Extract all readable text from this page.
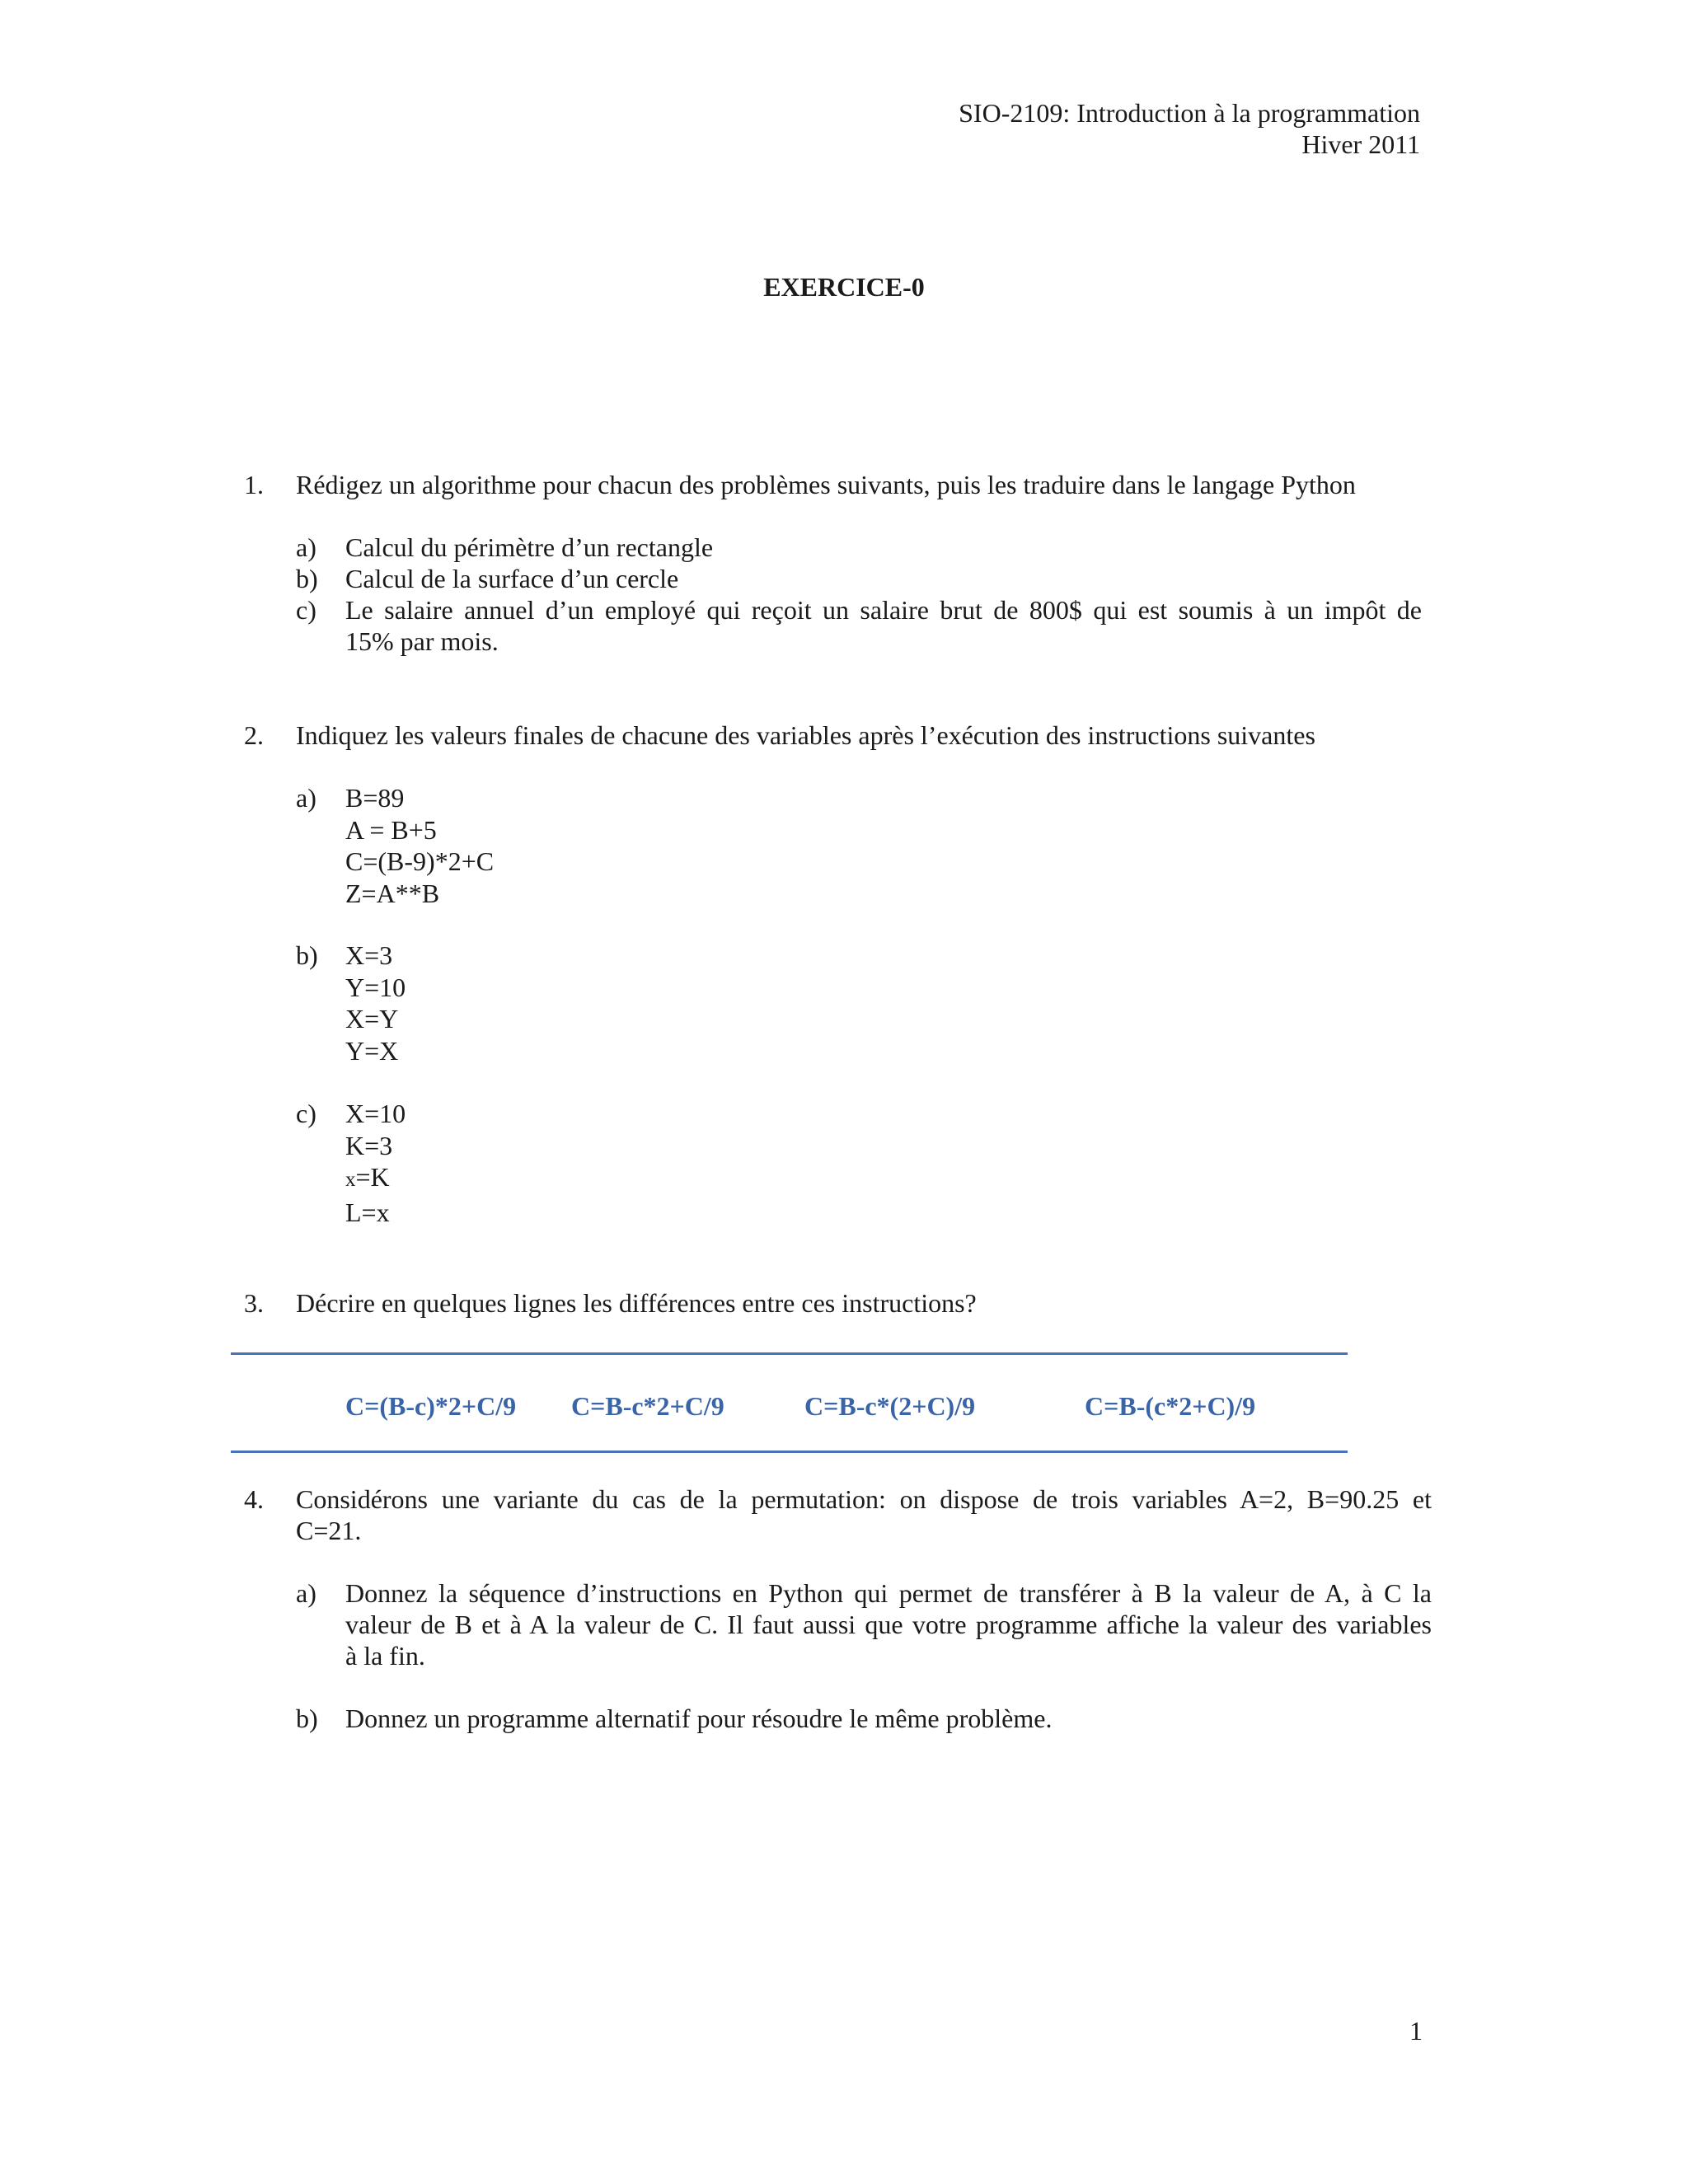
SIO-2109: Introduction à la programmation
Hiver 2011
EXERCICE-0
1. Rédigez un algorithme pour chacun des problèmes suivants, puis les traduire dans le langage Python
a) Calcul du périmètre d’un rectangle
b) Calcul de la surface d’un cercle
c) Le salaire annuel d’un employé qui reçoit un salaire brut de 800$ qui est soumis à un impôt de
15% par mois.
2. Indiquez les valeurs finales de chacune des variables après l’exécution des instructions suivantes
a) B=89
A = B+5
C=(B-9)*2+C
Z=A**B
b) X=3
Y=10
X=Y
Y=X
c) X=10
K=3
x=K
L=x
3. Décrire en quelques lignes les différences entre ces instructions?
C=(B-c)*2+C/9 C=B-c*2+C/9	C=B-c*(2+C)/9	C=B-(c*2+C)/9
4. Considérons une variante du cas de la permutation: on dispose de trois variables A=2, B=90.25 et
C=21.
a) Donnez la séquence d’instructions en Python qui permet de transférer à B la valeur de A, à C la
valeur de B et à A la valeur de C. Il faut aussi que votre programme affiche la valeur des variables
à la fin.
b) Donnez un programme alternatif pour résoudre le même problème.
1
